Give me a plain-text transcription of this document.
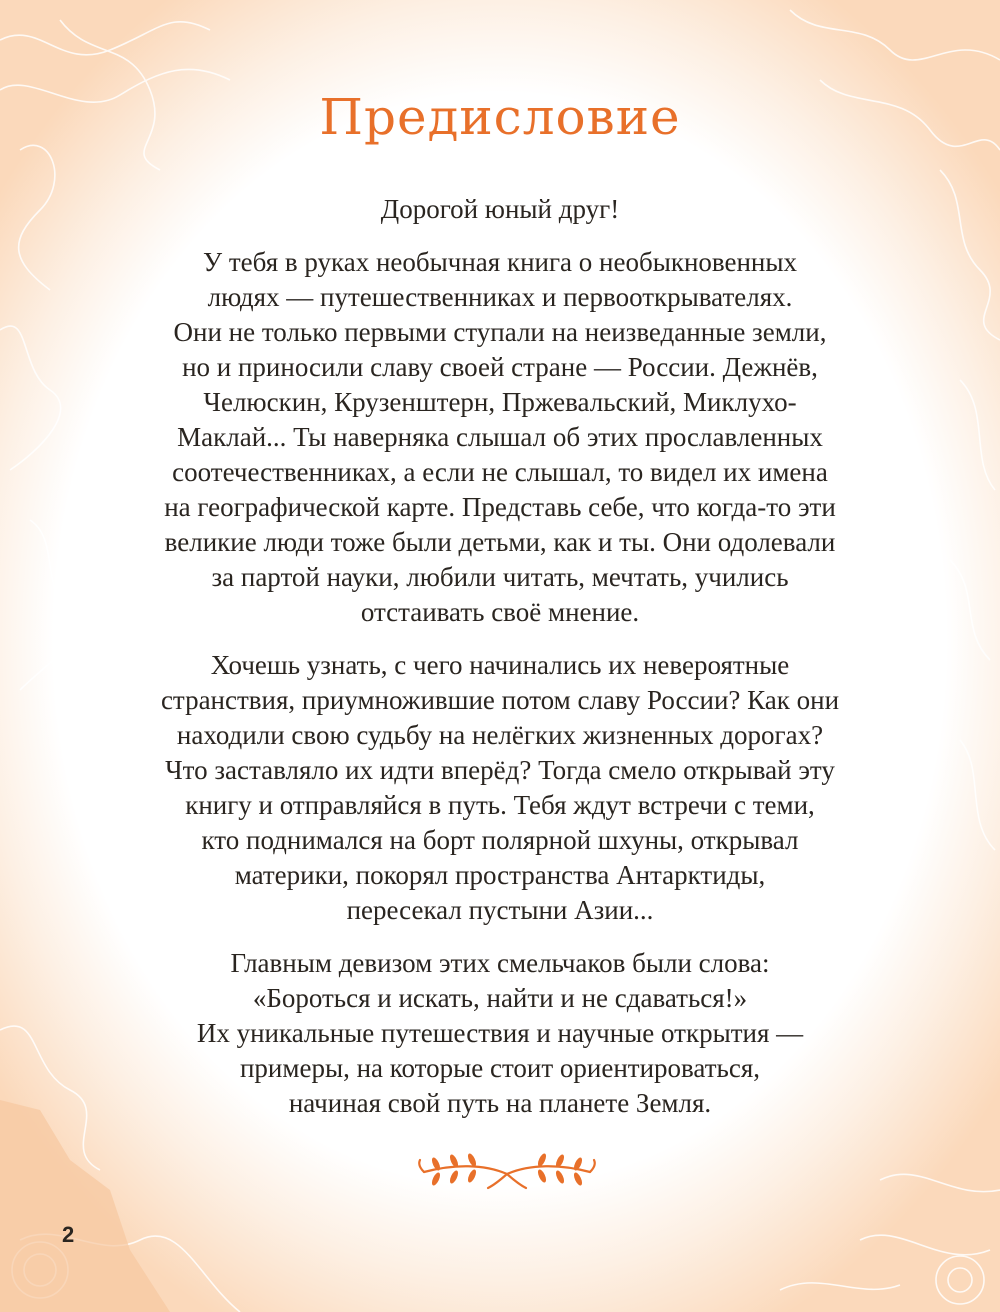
Предисловие

Дорогой юный друг!

У тебя в руках необычная книга о необыкновенных
людях — путешественниках и первооткрывателях.
Они не только первыми ступали на неизведанные земли,
но и приносили славу своей стране — России. Дежнёв,
Челюскин, Крузенштерн, Пржевальский, Миклухо-
Маклай... Ты наверняка слышал об этих прославленных
соотечественниках, а если не слышал, то видел их имена
на географической карте. Представь себе, что когда-то эти
великие люди тоже были детьми, как и ты. Они одолевали
за партой науки, любили читать, мечтать, учились
отстаивать своё мнение.

Хочешь узнать, с чего начинались их невероятные
странствия, приумножившие потом славу России? Как они
находили свою судьбу на нелёгких жизненных дорогах?
Что заставляло их идти вперёд? Тогда смело открывай эту
книгу и отправляйся в путь. Тебя ждут встречи с теми,
кто поднимался на борт полярной шхуны, открывал
материки, покорял пространства Антарктиды,
пересекал пустыни Азии...

Главным девизом этих смельчаков были слова:
«Бороться и искать, найти и не сдаваться!»
Их уникальные путешествия и научные открытия —
примеры, на которые стоит ориентироваться,
начиная свой путь на планете Земля.

2
